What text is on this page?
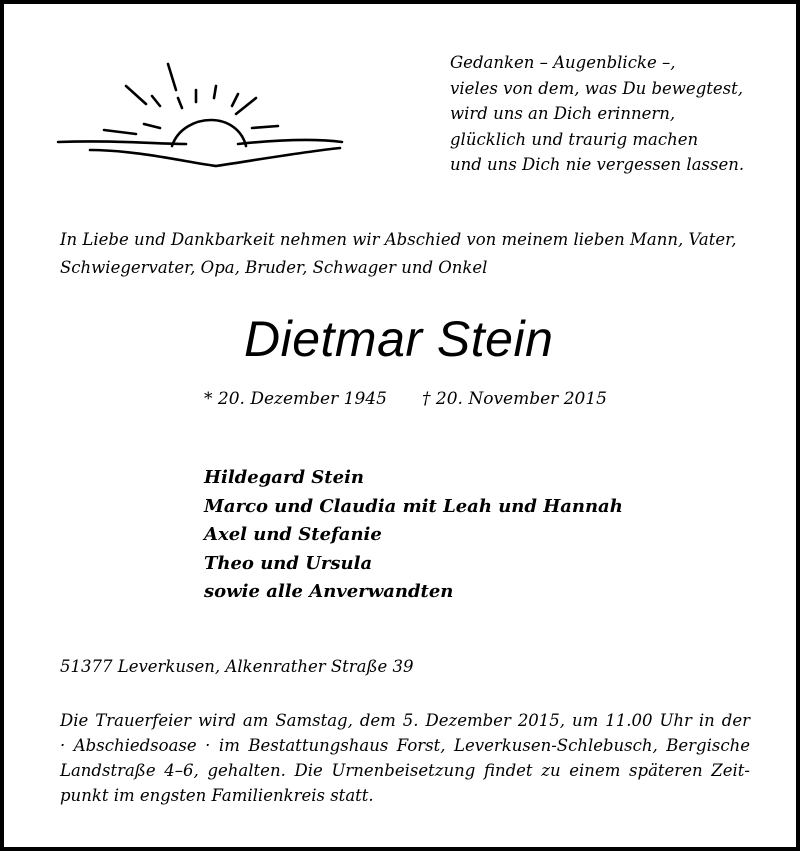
Gedanken – Augenblicke –,
vieles von dem, was Du bewegtest,
wird uns an Dich erinnern,
glücklich und traurig machen
und uns Dich nie vergessen lassen.
In Liebe und Dankbarkeit nehmen wir Abschied von meinem lieben Mann, Vater, Schwiegervater, Opa, Bruder, Schwager und Onkel
Dietmar Stein
* 20. Dezember 1945 † 20. November 2015
Hildegard Stein
Marco und Claudia mit Leah und Hannah
Axel und Stefanie
Theo und Ursula
sowie alle Anverwandten
51377 Leverkusen, Alkenrather Straße 39
Die Trauerfeier wird am Samstag, dem 5. Dezember 2015, um 11.00 Uhr in der
· Abschiedsoase · im Bestattungshaus Forst, Leverkusen-Schlebusch, Bergische
Landstraße 4–6, gehalten. Die Urnenbeisetzung findet zu einem späteren Zeit-
punkt im engsten Familienkreis statt.
